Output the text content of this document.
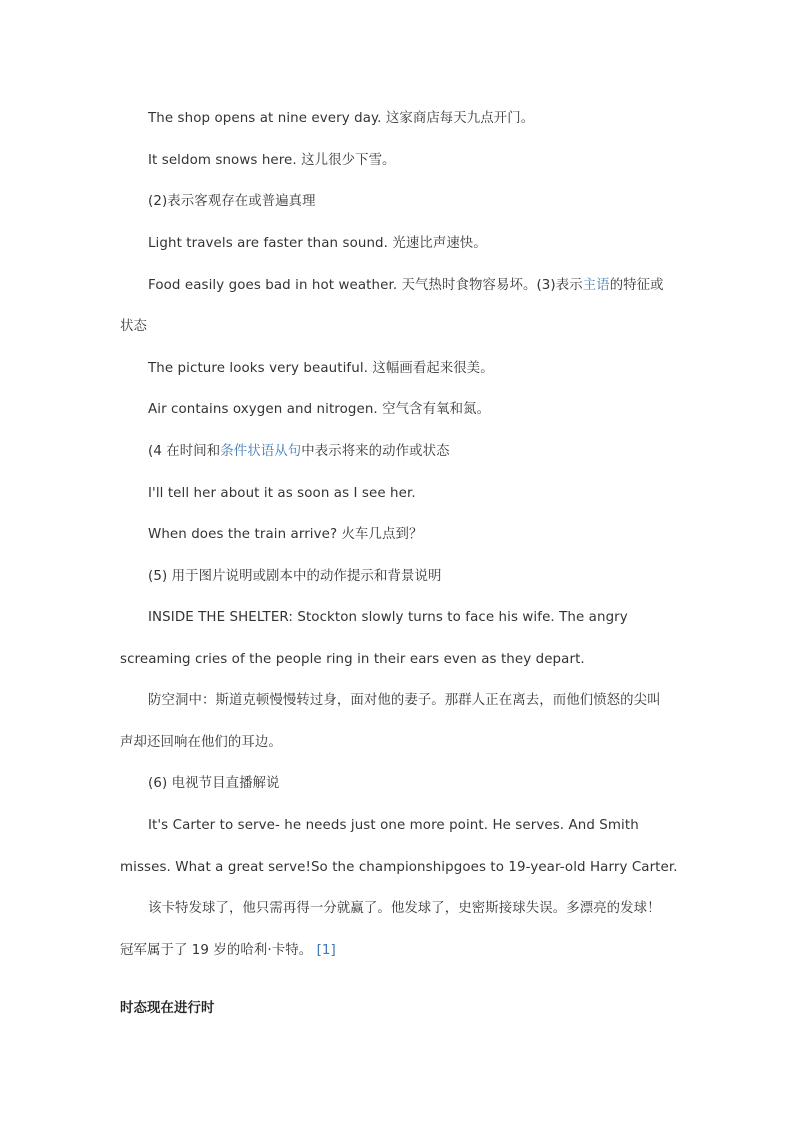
The shop opens at nine every day. 这家商店每天九点开门。
It seldom snows here. 这儿很少下雪。
(2)表示客观存在或普遍真理
Light travels are faster than sound. 光速比声速快。
Food easily goes bad in hot weather. 天气热时食物容易坏。(3)表示主语的特征或
状态
The picture looks very beautiful. 这幅画看起来很美。
Air contains oxygen and nitrogen. 空气含有氧和氮。
(4 在时间和条件状语从句中表示将来的动作或状态
I'll tell her about it as soon as I see her.
When does the train arrive? 火车几点到？
(5) 用于图片说明或剧本中的动作提示和背景说明
INSIDE THE SHELTER: Stockton slowly turns to face his wife. The angry
screaming cries of the people ring in their ears even as they depart.
防空洞中：斯道克顿慢慢转过身，面对他的妻子。那群人正在离去，而他们愤怒的尖叫
声却还回响在他们的耳边。
(6) 电视节目直播解说
It's Carter to serve- he needs just one more point. He serves. And Smith
misses. What a great serve!So the championshipgoes to 19-year-old Harry Carter.
该卡特发球了，他只需再得一分就赢了。他发球了，史密斯接球失误。多漂亮的发球！
冠军属于了 19 岁的哈利·卡特。 [1]
时态现在进行时
